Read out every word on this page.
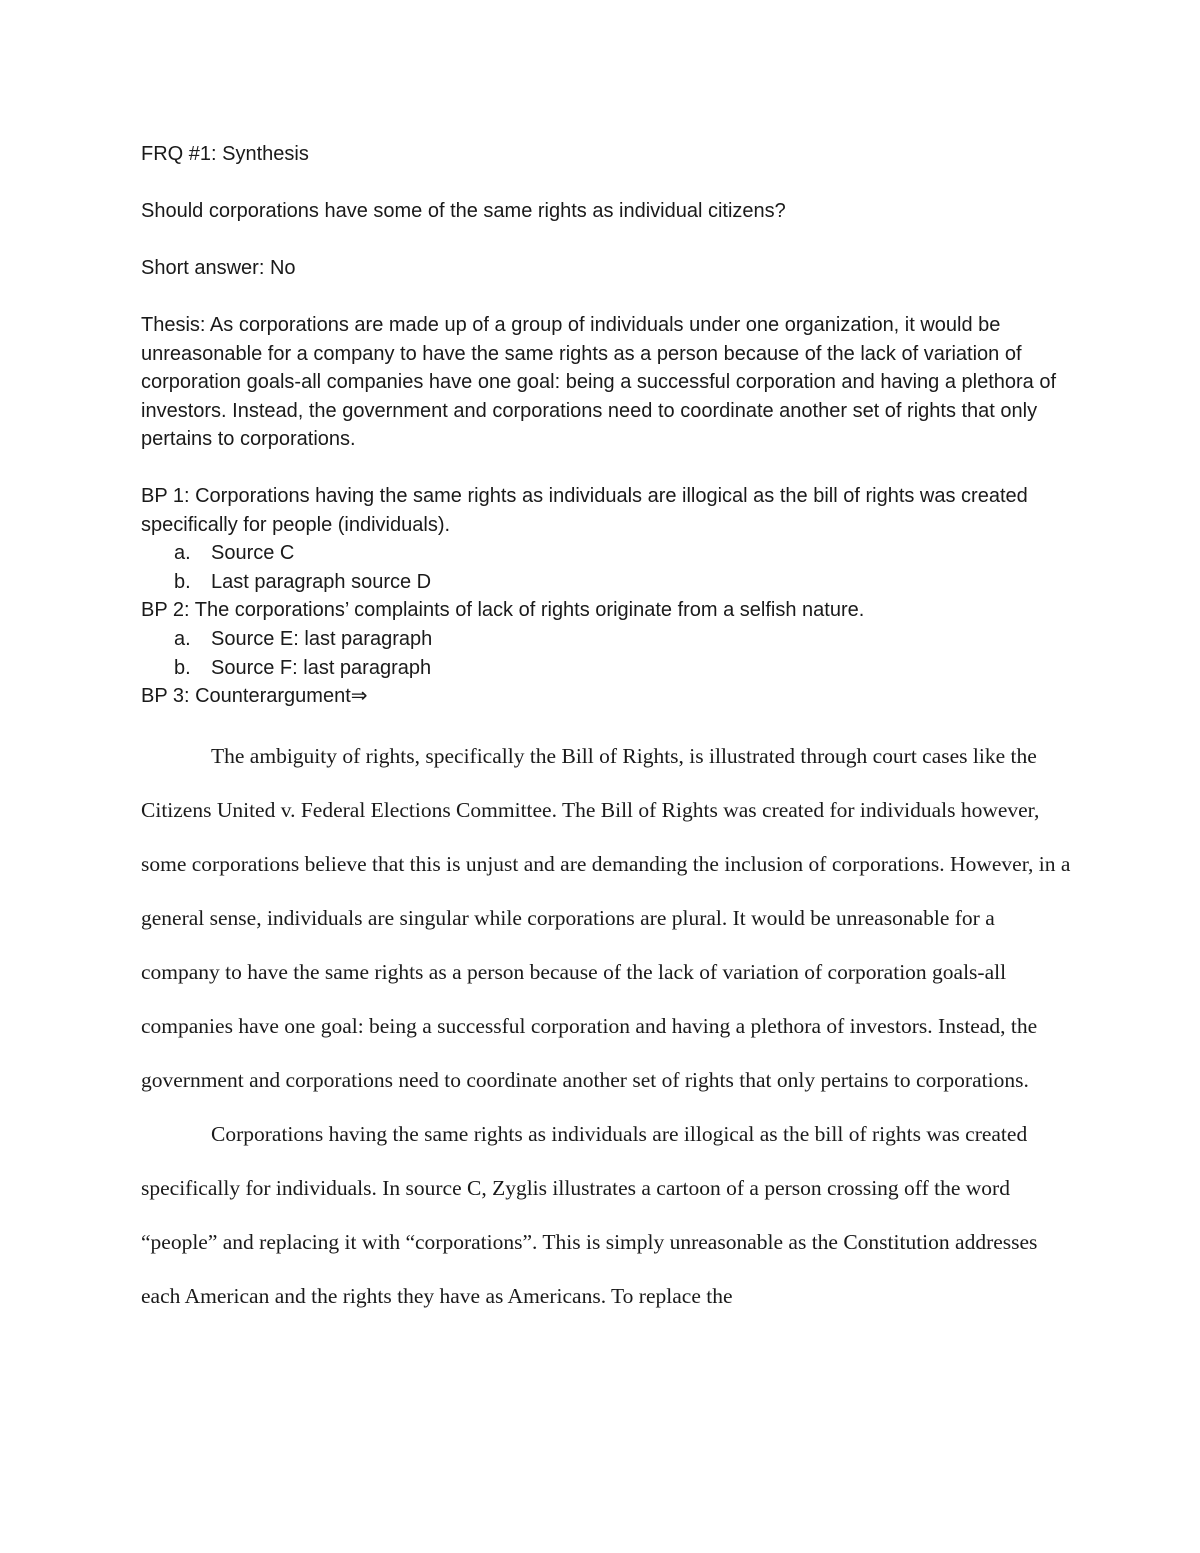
FRQ #1: Synthesis

Should corporations have some of the same rights as individual citizens?

Short answer: No

Thesis: As corporations are made up of a group of individuals under one organization, it would be unreasonable for a company to have the same rights as a person because of the lack of variation of corporation goals-all companies have one goal: being a successful corporation and having a plethora of investors. Instead, the government and corporations need to coordinate another set of rights that only pertains to corporations.

BP 1: Corporations having the same rights as individuals are illogical as the bill of rights was created specifically for people (individuals).

a. Source C
b. Last paragraph source D

BP 2: The corporations’ complaints of lack of rights originate from a selfish nature.

a. Source E: last paragraph
b. Source F: last paragraph

BP 3: Counterargument⇒

The ambiguity of rights, specifically the Bill of Rights, is illustrated through court cases like the Citizens United v. Federal Elections Committee. The Bill of Rights was created for individuals however, some corporations believe that this is unjust and are demanding the inclusion of corporations. However, in a general sense, individuals are singular while corporations are plural. It would be unreasonable for a company to have the same rights as a person because of the lack of variation of corporation goals-all companies have one goal: being a successful corporation and having a plethora of investors. Instead, the government and corporations need to coordinate another set of rights that only pertains to corporations.

Corporations having the same rights as individuals are illogical as the bill of rights was created specifically for individuals. In source C, Zyglis illustrates a cartoon of a person crossing off the word “people” and replacing it with “corporations”. This is simply unreasonable as the Constitution addresses each American and the rights they have as Americans. To replace the
